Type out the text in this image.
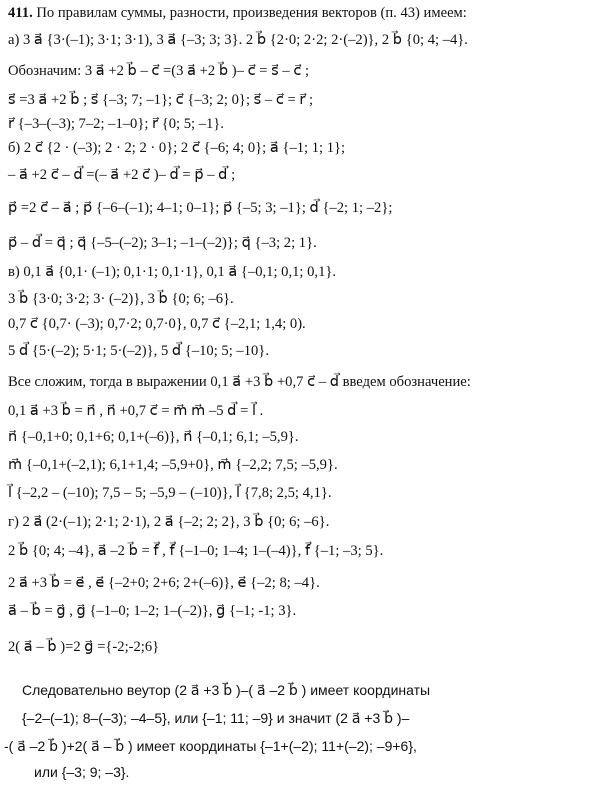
411. По правилам суммы, разности, произведения векторов (п. 43) имеем:
а) 3 a⃗ {3·(–1); 3·1; 3·1), 3 a⃗ {–3; 3; 3}. 2 b⃗ {2·0; 2·2; 2·(–2)}, 2 b⃗ {0; 4; –4}.
Обозначим: 3 a⃗ +2 b⃗ – c⃗ =(3 a⃗ +2 b⃗ )– c⃗ = s⃗ – c⃗ ;
s⃗ =3 a⃗ +2 b⃗ ; s⃗ {–3; 7; –1}; c⃗ {–3; 2; 0}; s⃗ – c⃗ = r⃗ ;
r⃗ {–3–(–3); 7–2; –1–0}; r⃗ {0; 5; –1}.
б) 2 c⃗ {2 · (–3); 2 · 2; 2 · 0}; 2 c⃗ {–6; 4; 0}; a⃗ {–1; 1; 1};
– a⃗ +2 c⃗ – d⃗ =(– a⃗ +2 c⃗ )– d⃗ = p⃗ – d⃗ ;
p⃗ =2 c⃗ – a⃗ ; p⃗ {–6–(–1); 4–1; 0–1}; p⃗ {–5; 3; –1}; d⃗ {–2; 1; –2};
p⃗ – d⃗ = q⃗ ; q⃗ {–5–(–2); 3–1; –1–(–2)}; q⃗ {–3; 2; 1}.
в) 0,1 a⃗ {0,1· (–1); 0,1·1; 0,1·1}, 0,1 a⃗ {–0,1; 0,1; 0,1}.
3 b⃗ {3·0; 3·2; 3· (–2)}, 3 b⃗ {0; 6; –6}.
0,7 c⃗ {0,7· (–3); 0,7·2; 0,7·0}, 0,7 c⃗ {–2,1; 1,4; 0).
5 d⃗ {5·(–2); 5·1; 5·(–2)}, 5 d⃗ {–10; 5; –10}.
Все сложим, тогда в выражении 0,1 a⃗ +3 b⃗ +0,7 c⃗ – d⃗ введем обозначение:
0,1 a⃗ +3 b⃗ = n⃗ , n⃗ +0,7 c⃗ = m⃗ m⃗ –5 d⃗ = l⃗ .
n⃗ {–0,1+0; 0,1+6; 0,1+(–6)}, n⃗ {–0,1; 6,1; –5,9}.
m⃗ {–0,1+(–2,1); 6,1+1,4; –5,9+0}, m⃗ {–2,2; 7,5; –5,9}.
l⃗ {–2,2 – (–10); 7,5 – 5; –5,9 – (–10)}, l⃗ {7,8; 2,5; 4,1}.
г) 2 a⃗ (2·(–1); 2·1; 2·1), 2 a⃗ {–2; 2; 2}, 3 b⃗ {0; 6; –6}.
2 b⃗ {0; 4; –4}, a⃗ –2 b⃗ = f⃗ , f⃗ {–1–0; 1–4; 1–(–4)}, f⃗ {–1; –3; 5}.
2 a⃗ +3 b⃗ = e⃗ , e⃗ {–2+0; 2+6; 2+(–6)}, e⃗ {–2; 8; –4}.
a⃗ – b⃗ = g⃗ , g⃗ {–1–0; 1–2; 1–(–2)}, g⃗ {–1; -1; 3}.
2( a⃗ – b⃗ )=2 g⃗ ={-2;-2;6}
Следовательно веутор (2 a⃗ +3 b⃗ )–( a⃗ –2 b⃗ ) имеет координаты
{–2–(–1); 8–(–3); –4–5}, или {–1; 11; –9} и значит (2 a⃗ +3 b⃗ )–
-( a⃗ –2 b⃗ )+2( a⃗ – b⃗ ) имеет координаты {–1+(–2); 11+(–2); –9+6},
или {–3; 9; –3}.
